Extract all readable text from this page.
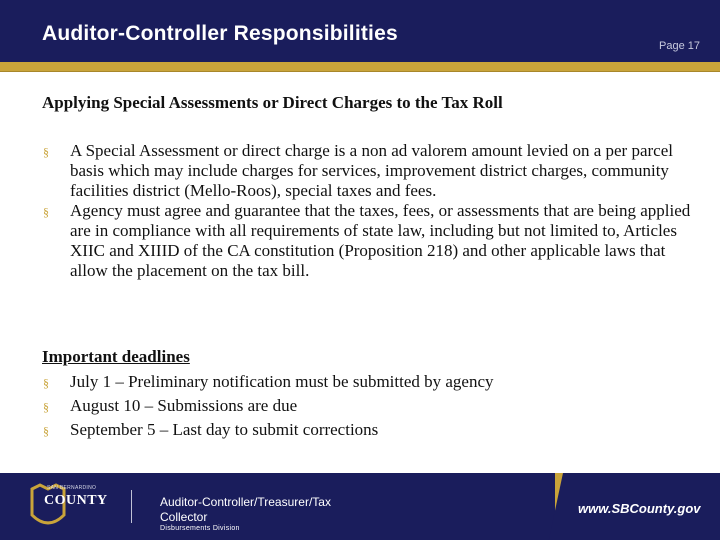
Auditor-Controller Responsibilities
Page 17
Applying Special Assessments or Direct Charges to the Tax Roll
§ A Special Assessment or direct charge is a non ad valorem amount levied on a per parcel basis which may include charges for services, improvement district charges, community facilities district (Mello-Roos), special taxes and fees.
§ Agency must agree and guarantee that the taxes, fees, or assessments that are being applied are in compliance with all requirements of state law, including but not limited to, Articles XIIC and XIIID of the CA constitution (Proposition 218) and other applicable laws that allow the placement on the tax bill.
Important deadlines
§ July 1 – Preliminary notification must be submitted by agency
§ August 10 – Submissions are due
§ September 5 – Last day to submit corrections
SAN BERNARDINO
COUNTY	Auditor-Controller/Treasurer/Tax Collector
Disbursements Division
www.SBCounty.gov
